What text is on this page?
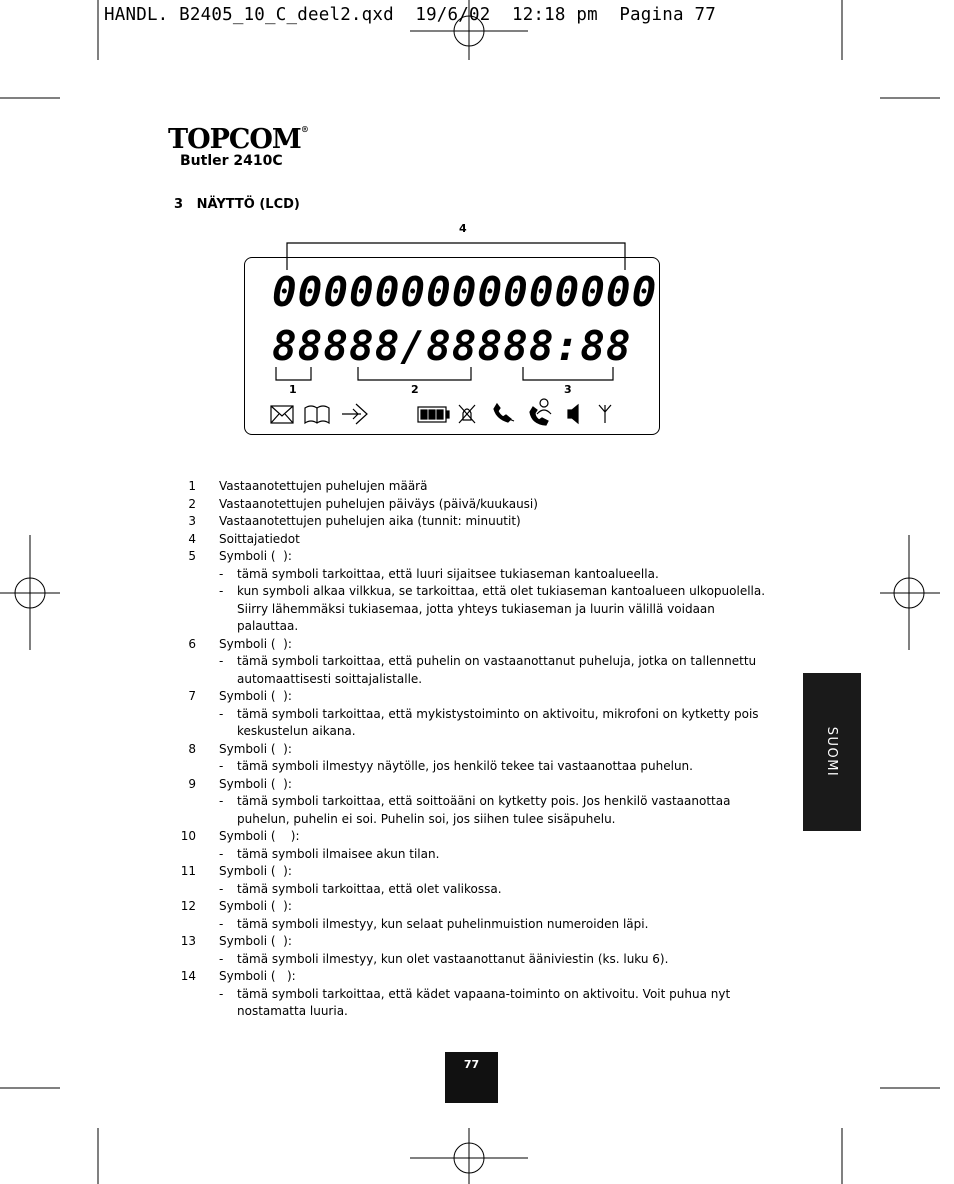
HANDL. B2405_10_C_deel2.qxd  19/6/02  12:18 pm  Pagina 77
TOPCOM®
Butler 2410C
3   NÄYTTÖ (LCD)
4
000000000000000
88888/88888:88
1	2	3
1 Vastaanotettujen puhelujen määrä
2 Vastaanotettujen puhelujen päiväys (päivä/kuukausi)
3 Vastaanotettujen puhelujen aika (tunnit: minuutit)
4 Soittajatiedot
5 Symboli (  ):
- tämä symboli tarkoittaa, että luuri sijaitsee tukiaseman kantoalueella.
- kun symboli alkaa vilkkua, se tarkoittaa, että olet tukiaseman kantoalueen ulkopuolella.
Siirry lähemmäksi tukiasemaa, jotta yhteys tukiaseman ja luurin välillä voidaan
palauttaa.
6 Symboli (  ):
- tämä symboli tarkoittaa, että puhelin on vastaanottanut puheluja, jotka on tallennettu
automaattisesti soittajalistalle.
7 Symboli (  ):
- tämä symboli tarkoittaa, että mykistystoiminto on aktivoitu, mikrofoni on kytketty pois
keskustelun aikana.
8 Symboli (  ):
- tämä symboli ilmestyy näytölle, jos henkilö tekee tai vastaanottaa puhelun.
9 Symboli (  ):
- tämä symboli tarkoittaa, että soittoääni on kytketty pois. Jos henkilö vastaanottaa
puhelun, puhelin ei soi. Puhelin soi, jos siihen tulee sisäpuhelu.
10 Symboli (    ):
- tämä symboli ilmaisee akun tilan.
11 Symboli (  ):
- tämä symboli tarkoittaa, että olet valikossa.
12 Symboli (  ):
- tämä symboli ilmestyy, kun selaat puhelinmuistion numeroiden läpi.
13 Symboli (  ):
- tämä symboli ilmestyy, kun olet vastaanottanut ääniviestin (ks. luku 6).
14 Symboli (   ):
- tämä symboli tarkoittaa, että kädet vapaana-toiminto on aktivoitu. Voit puhua nyt
nostamatta luuria.
SUOMI
77
